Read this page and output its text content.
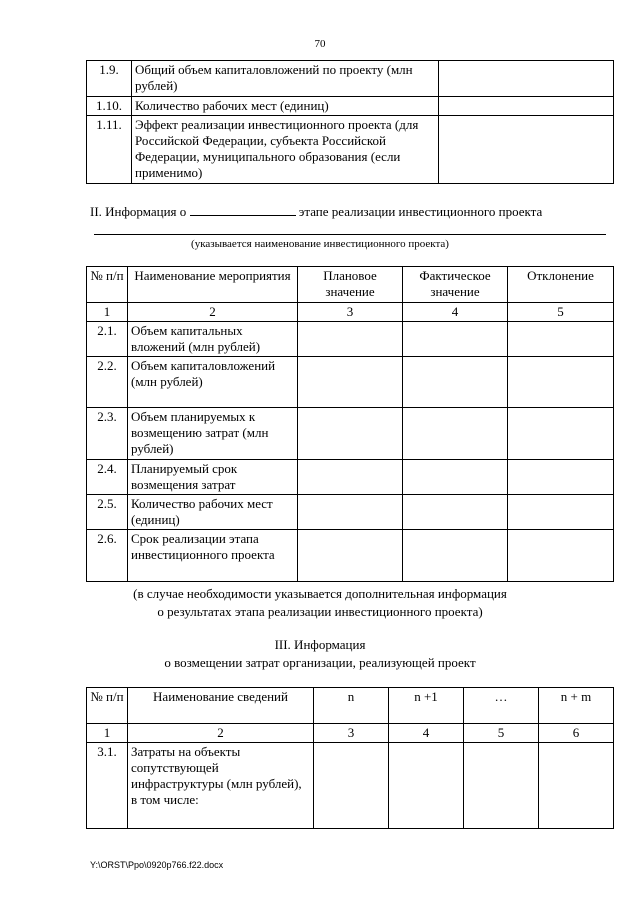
70
1.9.	Общий объем капиталовложений по проекту (млн рублей)	
1.10.	Количество рабочих мест (единиц)	
1.11.	Эффект реализации инвестиционного проекта (для Российской Федерации, субъекта Российской Федерации, муниципального образования (если применимо)	
II. Информация о	этапе реализации инвестиционного проекта
(указывается наименование инвестиционного проекта)
№ п/п	Наименование мероприятия	Плановое значение	Фактическое значение	Отклонение
1	2	3	4	5
2.1.	Объем капитальных вложений (млн рублей)			
2.2.	Объем капиталовложений (млн рублей)			
2.3.	Объем планируемых к возмещению затрат (млн рублей)			
2.4.	Планируемый срок возмещения затрат			
2.5.	Количество рабочих мест (единиц)			
2.6.	Срок реализации этапа инвестиционного проекта			
(в случае необходимости указывается дополнительная информация
о результатах этапа реализации инвестиционного проекта)
III. Информация
о возмещении затрат организации, реализующей проект
№ п/п	Наименование сведений	n	n +1	…	n + m
1	2	3	4	5	6
3.1.	Затраты на объекты сопутствующей инфраструктуры (млн рублей), в том числе:				
Y:\ORST\Ppo\0920p766.f22.docx
